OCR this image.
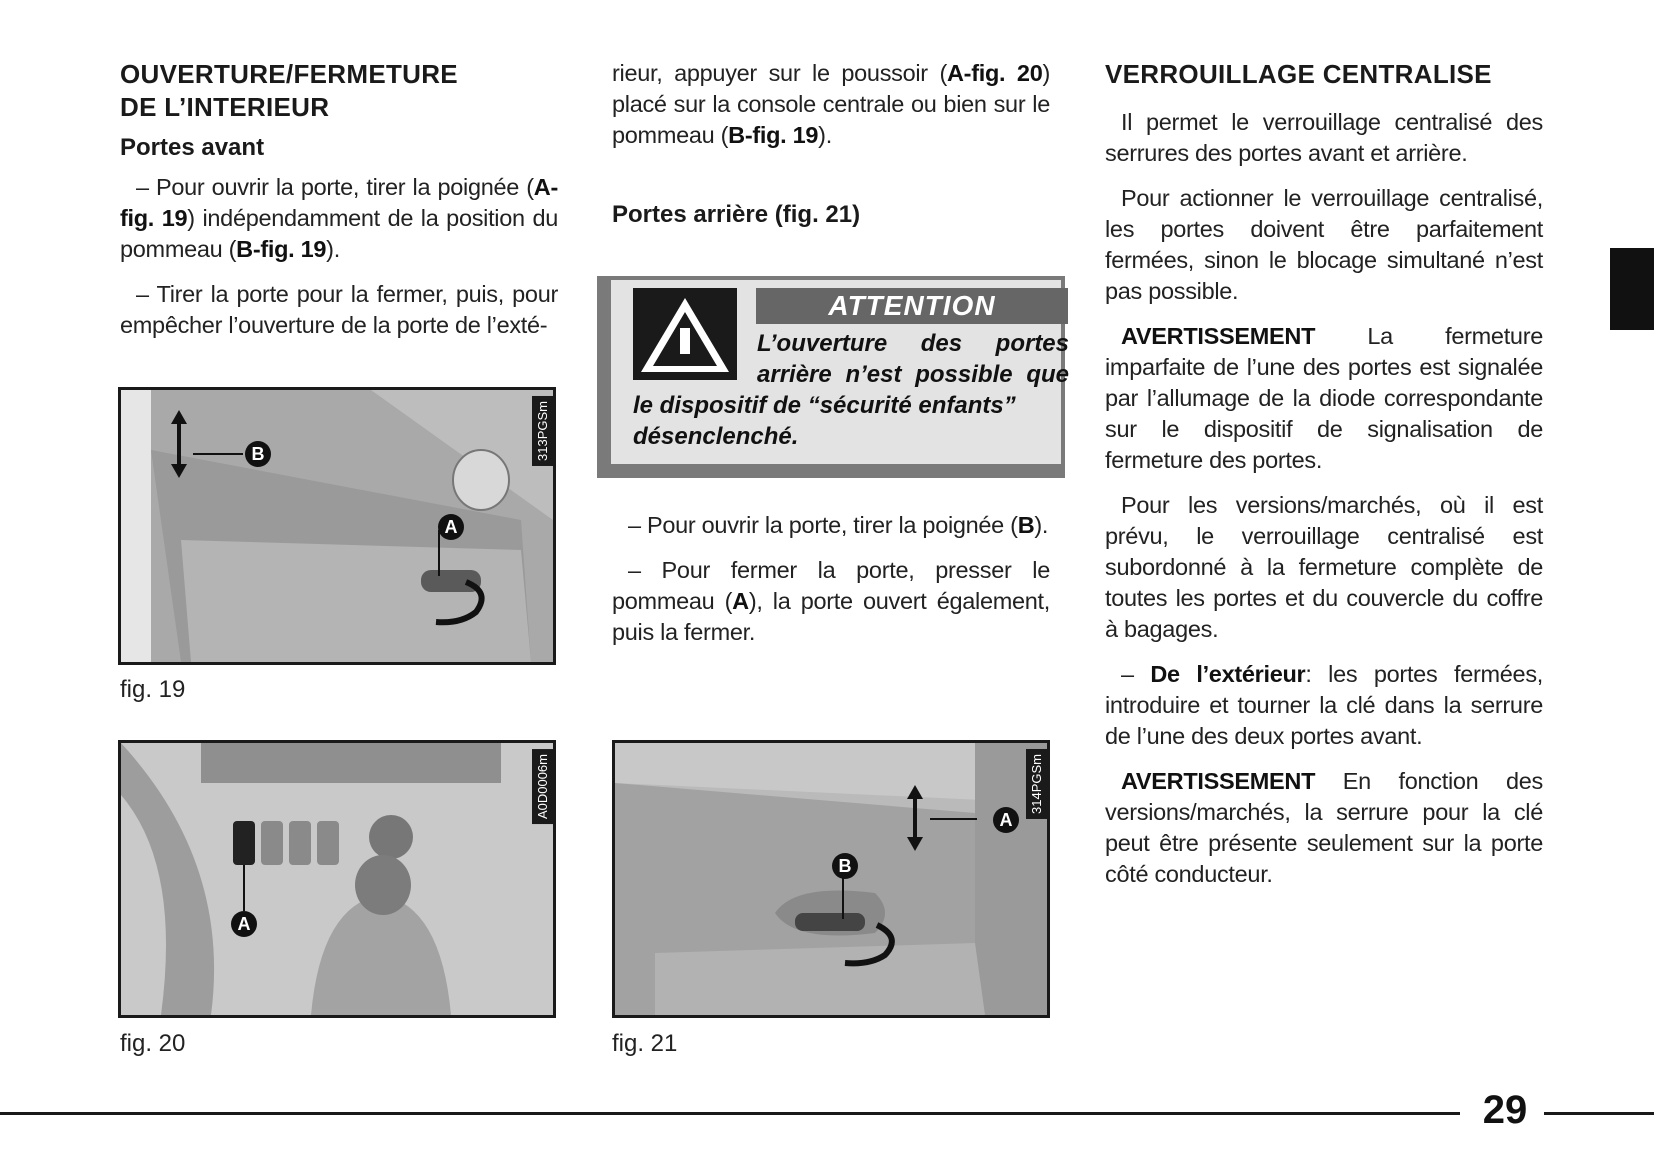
OUVERTURE/FERMETURE
DE L’INTERIEUR
Portes avant

– Pour ouvrir la porte, tirer la poignée (A-fig. 19) indépendamment de la position du pommeau (B-fig. 19).

– Tirer la porte pour la fermer, puis, pour empêcher l’ouverture de la porte de l’exté-

rieur, appuyer sur le poussoir (A-fig. 20) placé sur la console centrale ou bien sur le pommeau (B-fig. 19).

Portes arrière (fig. 21)

– Pour ouvrir la porte, tirer la poignée (B).

– Pour fermer la porte, presser le pommeau (A), la porte ouvert également, puis la fermer.

ATTENTION
L’ouverture des portes
arrière n’est possible que
le dispositif de “sécurité enfants”
désenclenché.
VERROUILLAGE CENTRALISE

Il permet le verrouillage centralisé des serrures des portes avant et arrière.

Pour actionner le verrouillage centralisé, les portes doivent être parfaitement fermées, sinon le blocage simultané n’est pas possible.

AVERTISSEMENT La fermeture imparfaite de l’une des portes est signalée par l’allumage de la diode correspondante sur le dispositif de signalisation de fermeture des portes.

Pour les versions/marchés, où il est prévu, le verrouillage centralisé est subordonné à la fermeture complète de toutes les portes et du couvercle du coffre à bagages.

– De l’extérieur: les portes fermées, introduire et tourner la clé dans la serrure de l’une des deux portes avant.

AVERTISSEMENT En fonction des versions/marchés, la serrure pour la clé peut être présente seulement sur la porte côté conducteur.

B
A
313PGSm
fig. 19
A
A0D0006m
fig. 20
B
A
314PGSm
fig. 21
29
